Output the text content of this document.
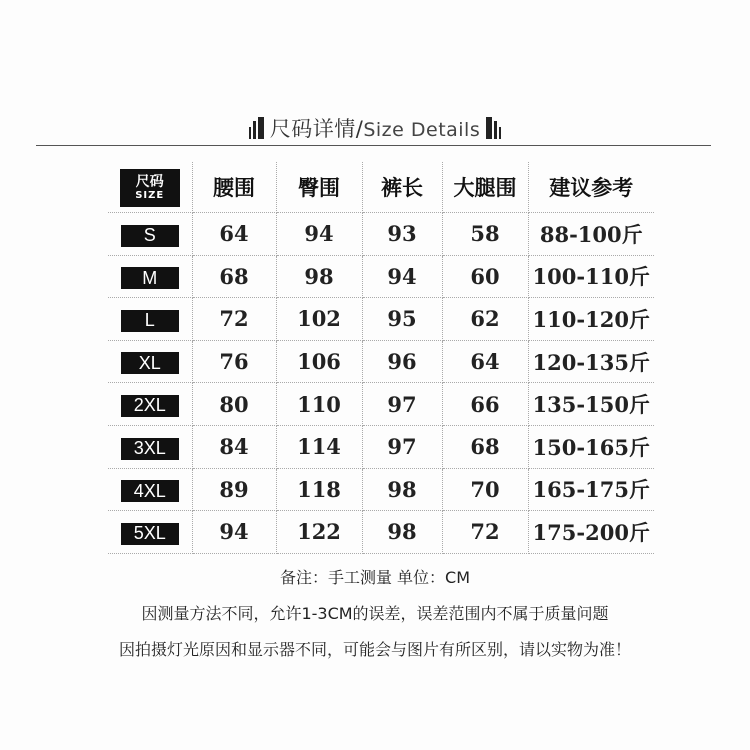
尺码详情/Size Details
尺码
SIZE	腰围	臀围	裤长	大腿围	建议参考
S	64	94	93	58	88-100斤
M	68	98	94	60	100-110斤
L	72	102	95	62	110-120斤
XL	76	106	96	64	120-135斤
2XL	80	110	97	66	135-150斤
3XL	84	114	97	68	150-165斤
4XL	89	118	98	70	165-175斤
5XL	94	122	98	72	175-200斤
备注：手工测量 单位：CM
因测量方法不同，允许1-3CM的误差，误差范围内不属于质量问题
因拍摄灯光原因和显示器不同，可能会与图片有所区别，请以实物为准！
